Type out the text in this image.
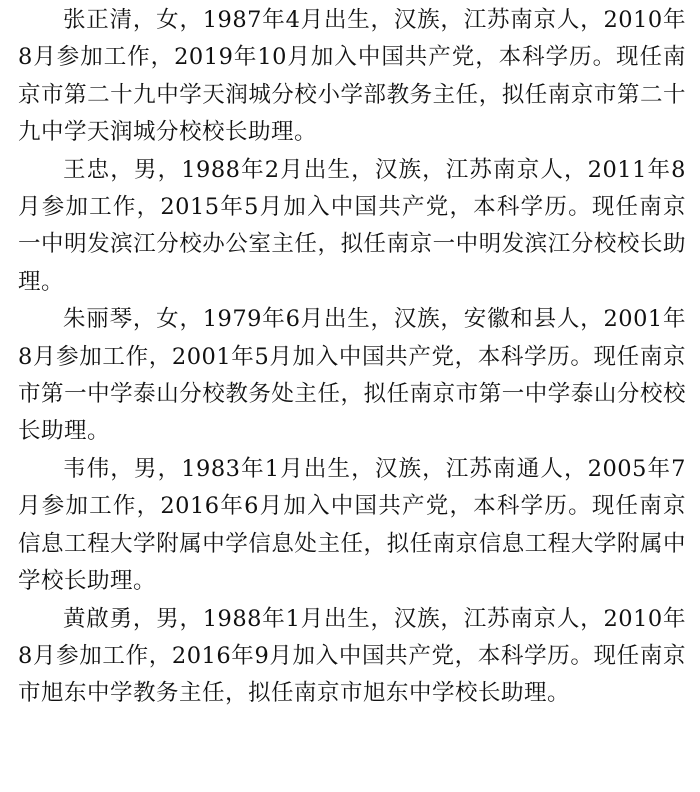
张正清，女，1987年4月出生，汉族，江苏南京人，2010年8月参加工作，2019年10月加入中国共产党，本科学历。现任南京市第二十九中学天润城分校小学部教务主任，拟任南京市第二十九中学天润城分校校长助理。

王忠，男，1988年2月出生，汉族，江苏南京人，2011年8月参加工作，2015年5月加入中国共产党，本科学历。现任南京一中明发滨江分校办公室主任，拟任南京一中明发滨江分校校长助理。

朱丽琴，女，1979年6月出生，汉族，安徽和县人，2001年8月参加工作，2001年5月加入中国共产党，本科学历。现任南京市第一中学泰山分校教务处主任，拟任南京市第一中学泰山分校校长助理。

韦伟，男，1983年1月出生，汉族，江苏南通人，2005年7月参加工作，2016年6月加入中国共产党，本科学历。现任南京信息工程大学附属中学信息处主任，拟任南京信息工程大学附属中学校长助理。

黄啟勇，男，1988年1月出生，汉族，江苏南京人，2010年8月参加工作，2016年9月加入中国共产党，本科学历。现任南京市旭东中学教务主任，拟任南京市旭东中学校长助理。
